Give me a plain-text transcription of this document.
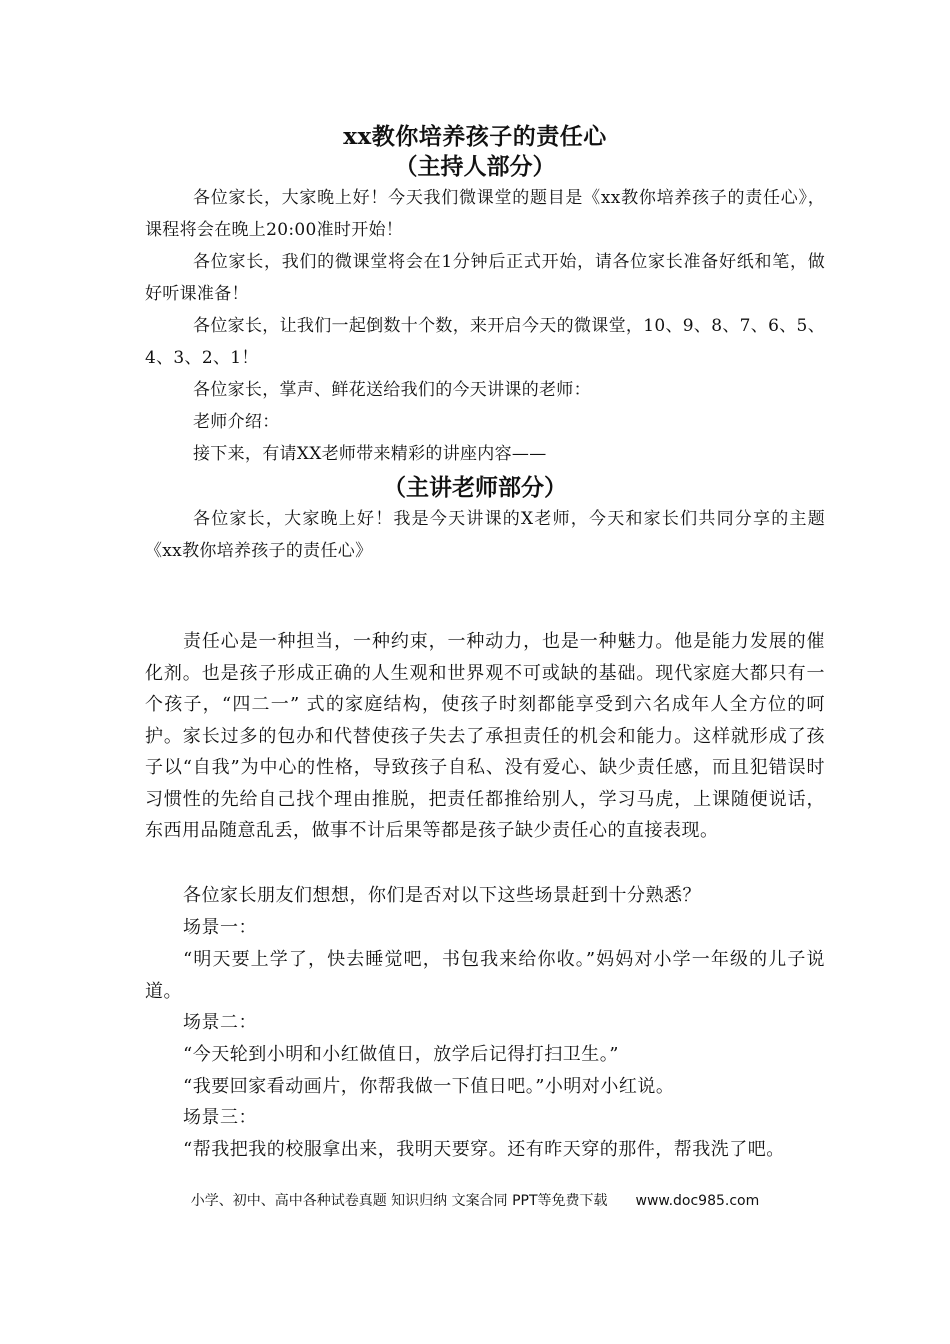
xx教你培养孩子的责任心
（主持人部分）
各位家长，大家晚上好！今天我们微课堂的题目是《xx教你培养孩子的责任心》，课程将会在晚上20:00准时开始！
各位家长，我们的微课堂将会在1分钟后正式开始，请各位家长准备好纸和笔，做好听课准备！
各位家长，让我们一起倒数十个数，来开启今天的微课堂，10、9、8、7、6、5、4、3、2、1！
各位家长，掌声、鲜花送给我们的今天讲课的老师：
老师介绍：
接下来，有请XX老师带来精彩的讲座内容——
（主讲老师部分）
各位家长，大家晚上好！我是今天讲课的X老师，今天和家长们共同分享的主题《xx教你培养孩子的责任心》
责任心是一种担当，一种约束，一种动力，也是一种魅力。他是能力发展的催化剂。也是孩子形成正确的人生观和世界观不可或缺的基础。现代家庭大都只有一个孩子，“四二一” 式的家庭结构，使孩子时刻都能享受到六名成年人全方位的呵护。家长过多的包办和代替使孩子失去了承担责任的机会和能力。这样就形成了孩子以“自我”为中心的性格，导致孩子自私、没有爱心、缺少责任感，而且犯错误时习惯性的先给自己找个理由推脱，把责任都推给别人，学习马虎，上课随便说话，东西用品随意乱丢，做事不计后果等都是孩子缺少责任心的直接表现。
各位家长朋友们想想，你们是否对以下这些场景赶到十分熟悉？
场景一：
“明天要上学了，快去睡觉吧，书包我来给你收。”妈妈对小学一年级的儿子说道。
场景二：
“今天轮到小明和小红做值日，放学后记得打扫卫生。”
“我要回家看动画片，你帮我做一下值日吧。”小明对小红说。
场景三：
“帮我把我的校服拿出来，我明天要穿。还有昨天穿的那件，帮我洗了吧。
小学、初中、高中各种试卷真题 知识归纳 文案合同 PPT等免费下载 www.doc985.com
